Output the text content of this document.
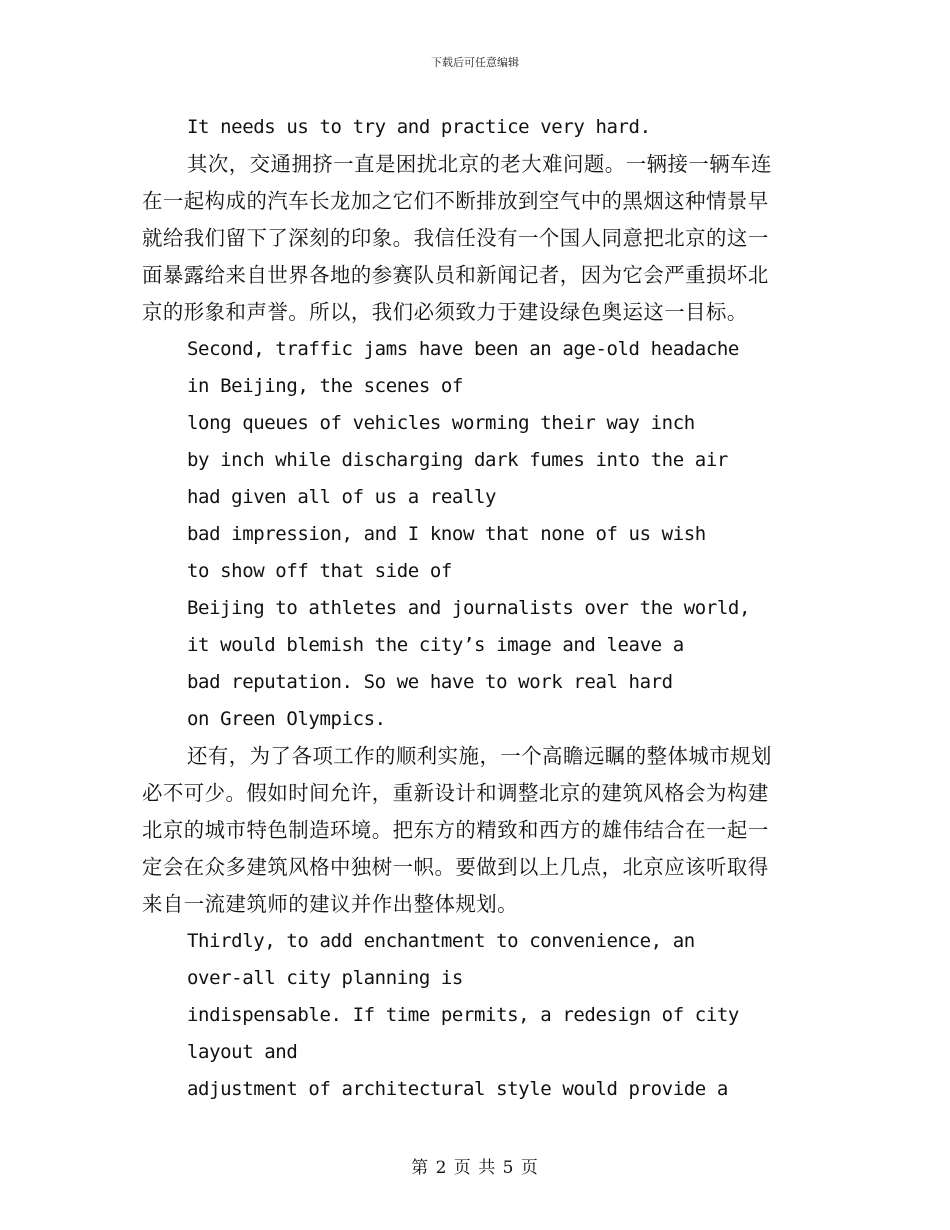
下载后可任意编辑
It needs us to try and practice very hard.
其次，交通拥挤一直是困扰北京的老大难问题。一辆接一辆车连
在一起构成的汽车长龙加之它们不断排放到空气中的黑烟这种情景早
就给我们留下了深刻的印象。我信任没有一个国人同意把北京的这一
面暴露给来自世界各地的参赛队员和新闻记者，因为它会严重损坏北
京的形象和声誉。所以，我们必须致力于建设绿色奥运这一目标。
Second, traffic jams have been an age-old headache
in Beijing, the scenes of
long queues of vehicles worming their way inch
by inch while discharging dark fumes into the air
had given all of us a really
bad impression, and I know that none of us wish
to show off that side of
Beijing to athletes and journalists over the world,
it would blemish the city’s image and leave a
bad reputation. So we have to work real hard
on Green Olympics.
还有，为了各项工作的顺利实施，一个高瞻远瞩的整体城市规划
必不可少。假如时间允许，重新设计和调整北京的建筑风格会为构建
北京的城市特色制造环境。把东方的精致和西方的雄伟结合在一起一
定会在众多建筑风格中独树一帜。要做到以上几点，北京应该听取得
来自一流建筑师的建议并作出整体规划。
Thirdly, to add enchantment to convenience, an
over-all city planning is
indispensable. If time permits, a redesign of city
layout and
adjustment of architectural style would provide a
第 2 页 共 5 页
